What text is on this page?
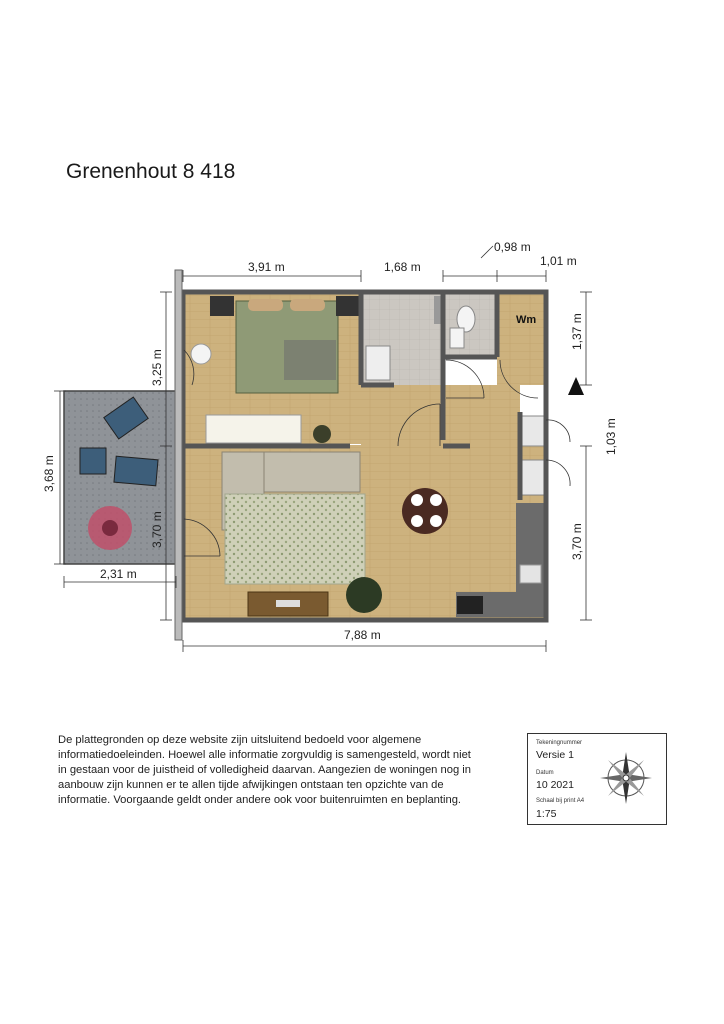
Grenenhout 8 418
Wm
3,91 m	1,68 m
0,98 m
1,01 m
7,88 m
2,31 m
3,68 m
3,25 m
3,70 m
1,37 m
1,03 m
3,70 m
De plattegronden op deze website zijn uitsluitend bedoeld voor algemene informatiedoeleinden. Hoewel alle informatie zorgvuldig is samengesteld, wordt niet in gestaan voor de juistheid of volledigheid daarvan. Aangezien de woningen nog in aanbouw zijn kunnen er te allen tijde afwijkingen ontstaan ten opzichte van de informatie. Voorgaande geldt onder andere ook voor buitenruimten en beplanting.
Tekeningnummer
Versie 1
Datum
10 2021
Schaal bij print A4
1:75
